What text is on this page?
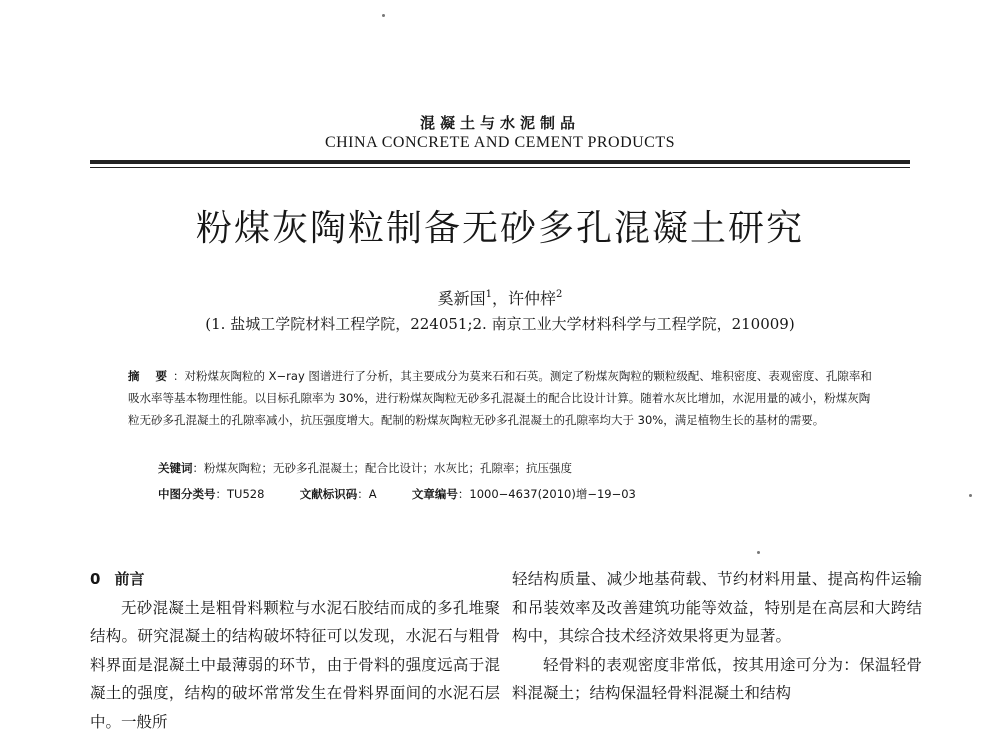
混凝土与水泥制品
CHINA CONCRETE AND CEMENT PRODUCTS
粉煤灰陶粒制备无砂多孔混凝土研究
奚新国$^1$，许仲梓$^2$
(1. 盐城工学院材料工程学院，224051;2. 南京工业大学材料科学与工程学院，210009)
摘 要：对粉煤灰陶粒的 X−ray 图谱进行了分析，其主要成分为莫来石和石英。测定了粉煤灰陶粒的颗粒级配、堆积密度、表观密度、孔隙率和吸水率等基本物理性能。以目标孔隙率为 30%，进行粉煤灰陶粒无砂多孔混凝土的配合比设计计算。随着水灰比增加，水泥用量的减小，粉煤灰陶粒无砂多孔混凝土的孔隙率减小，抗压强度增大。配制的粉煤灰陶粒无砂多孔混凝土的孔隙率均大于 30%，满足植物生长的基材的需要。
关键词：粉煤灰陶粒；无砂多孔混凝土；配合比设计；水灰比；孔隙率；抗压强度
中图分类号：TU528	文献标识码：A	文章编号：1000−4637(2010)增−19−03
0 前言

无砂混凝土是粗骨料颗粒与水泥石胶结而成的多孔堆聚结构。研究混凝土的结构破坏特征可以发现，水泥石与粗骨料界面是混凝土中最薄弱的环节，由于骨料的强度远高于混凝土的强度，结构的破坏常常发生在骨料界面间的水泥石层中。一般所

轻结构质量、减少地基荷载、节约材料用量、提高构件运输和吊装效率及改善建筑功能等效益，特别是在高层和大跨结构中，其综合技术经济效果将更为显著。

轻骨料的表观密度非常低，按其用途可分为：保温轻骨料混凝土；结构保温轻骨料混凝土和结构
